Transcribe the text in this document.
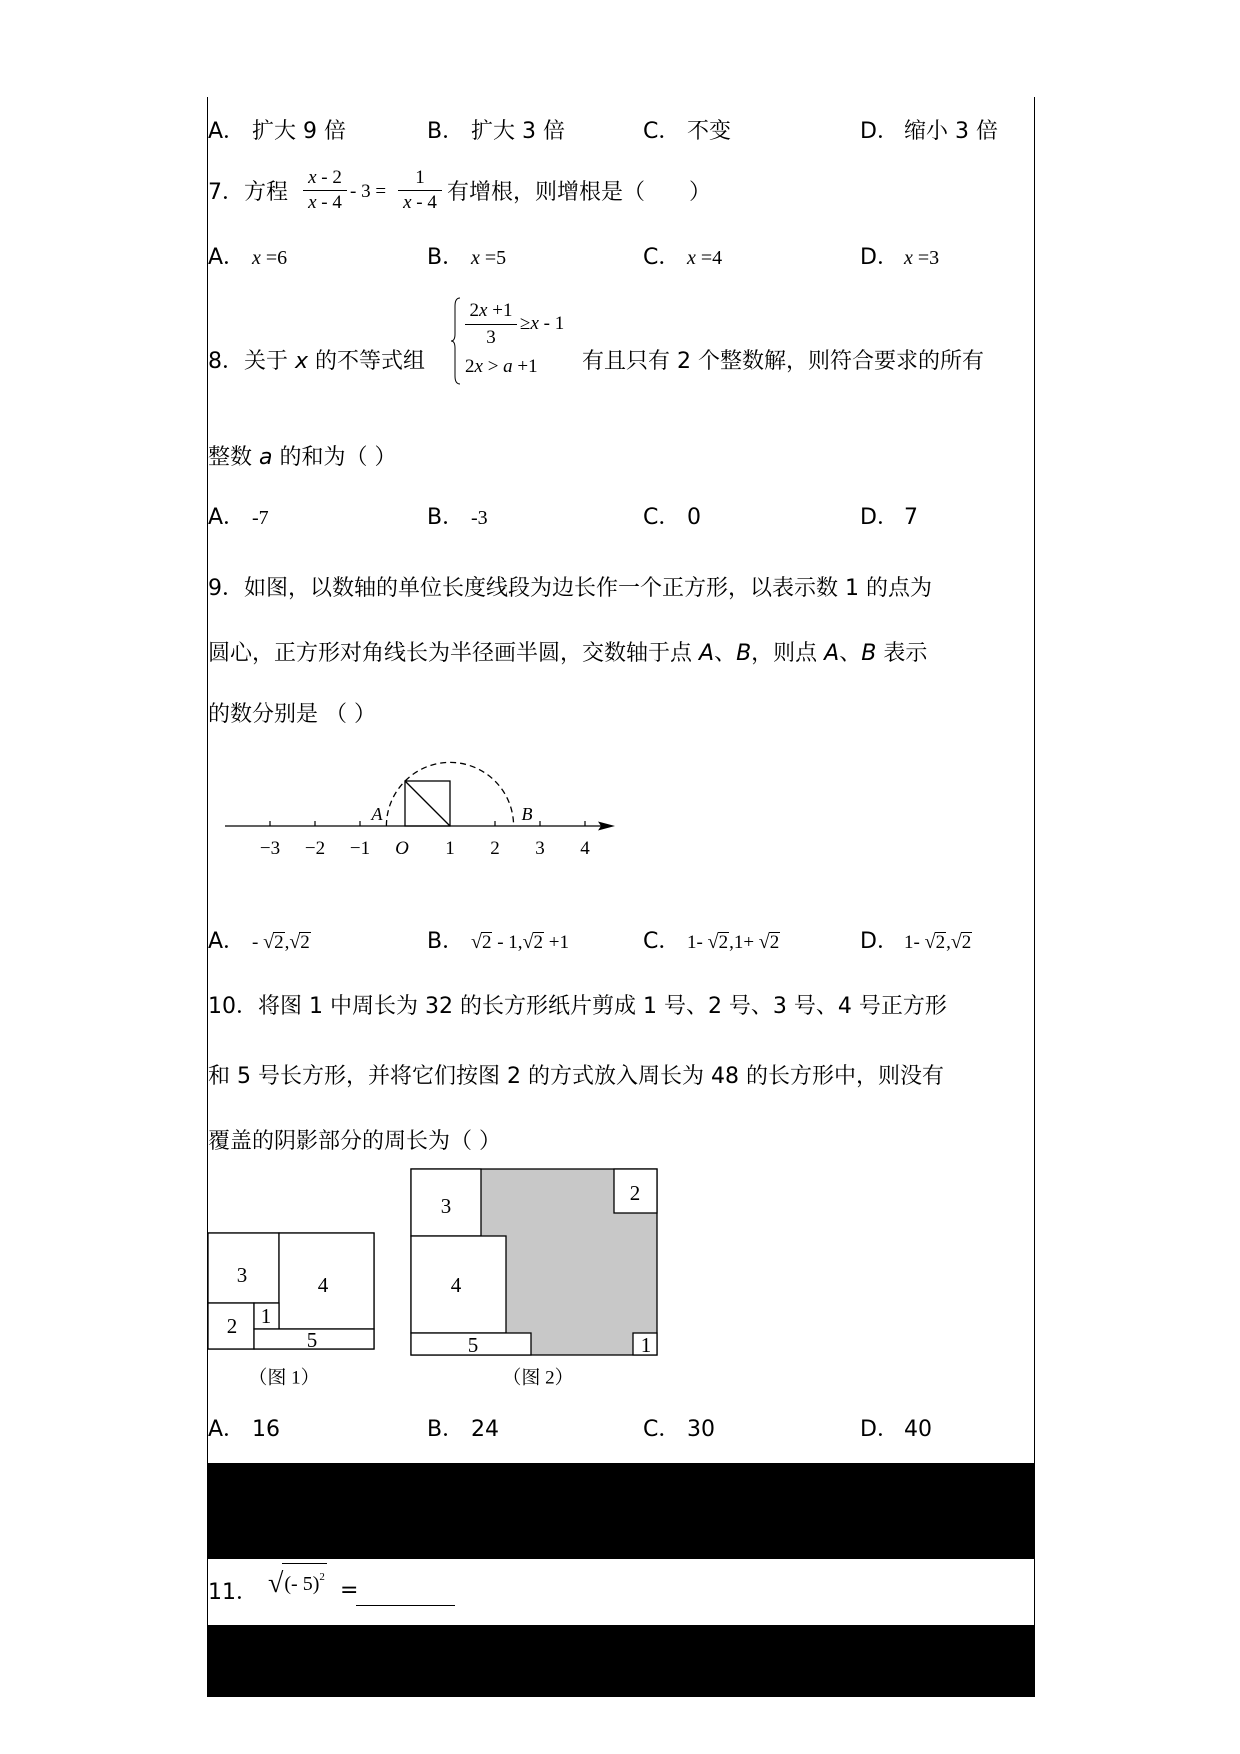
A． 扩大 9 倍	B． 扩大 3 倍	C． 不变	D． 缩小 3 倍
7．方程 $\frac{x - 2}{x - 4} - 3 = \frac{1}{x - 4}$ 有增根，则增根是（　　）
A． x =6	B． x =5	C． x =4	D． x =3
8．关于 x 的不等式组
$\frac{2x +1}{3} \ge x - 1$
2x > a +1 有且只有 2 个整数解，则符合要求的所有
整数 a 的和为（ ）
A． -7	B． -3	C． 0	D． 7
9．如图，以数轴的单位长度线段为边长作一个正方形，以表示数 1 的点为
圆心，正方形对角线长为半径画半圆，交数轴于点 A、B，则点 A、B 表示
的数分别是 （ ）
−3 −2 −1 O 1 2 3 4
A	B
A． - √ 2 , √ 2	B． √ 2 - 1, √ 2 +1	C． 1- √ 2 ,1+ √ 2	D． 1- √ 2 , √ 2
10．将图 1 中周长为 32 的长方形纸片剪成 1 号、2 号、3 号、4 号正方形
和 5 号长方形，并将它们按图 2 的方式放入周长为 48 的长方形中，则没有
覆盖的阴影部分的周长为（ ）
3	4
2 1
5
（图 1）
3
2
4
5	1
（图 2）
A． 16	B． 24	C． 30	D． 40
11． √ (- 5)$^2$
=
